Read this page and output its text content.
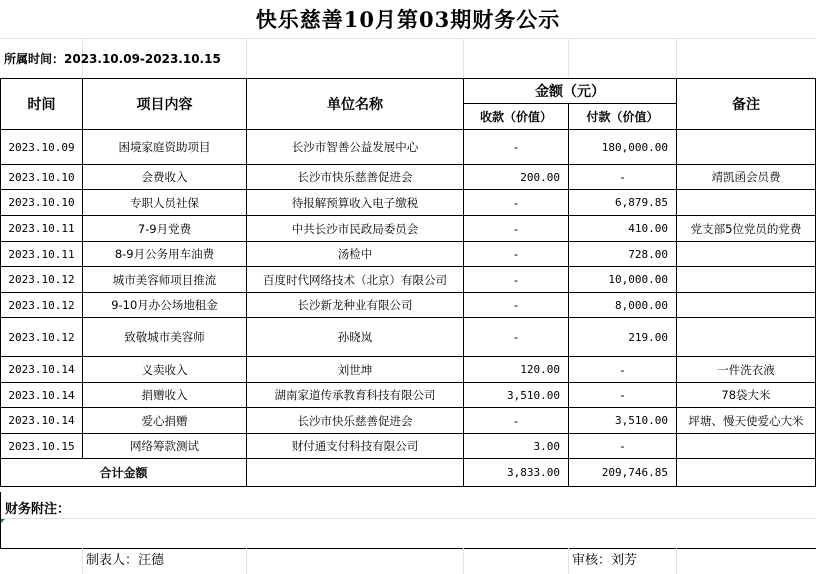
快乐慈善10月第03期财务公示
所属时间：2023.10.09-2023.10.15
时间	项目内容	单位名称	金额（元）		备注
			收款（价值）	付款（价值）	
2023.10.09	困境家庭资助项目	长沙市智善公益发展中心	-	180,000.00	
2023.10.10	会费收入	长沙市快乐慈善促进会	200.00	-	靖凯函会员费
2023.10.10	专职人员社保	待报解预算收入电子缴税	-	6,879.85	
2023.10.11	7-9月党费	中共长沙市民政局委员会	-	410.00	党支部5位党员的党费
2023.10.11	8-9月公务用车油费	汤检中	-	728.00	
2023.10.12	城市美容师项目推流	百度时代网络技术（北京）有限公司	-	10,000.00	
2023.10.12	9-10月办公场地租金	长沙新龙种业有限公司	-	8,000.00	
2023.10.12	致敬城市美容师	孙晓岚	-	219.00	
2023.10.14	义卖收入	刘世坤	120.00	-	一件洗衣液
2023.10.14	捐赠收入	湖南家道传承教育科技有限公司	3,510.00	-	78袋大米
2023.10.14	爱心捐赠	长沙市快乐慈善促进会	-	3,510.00	坪塘、慢天使爱心大米
2023.10.15	网络筹款测试	财付通支付科技有限公司	3.00	-	
合计金额			3,833.00	209,746.85	
财务附注：
制表人：汪德	审核：刘芳
